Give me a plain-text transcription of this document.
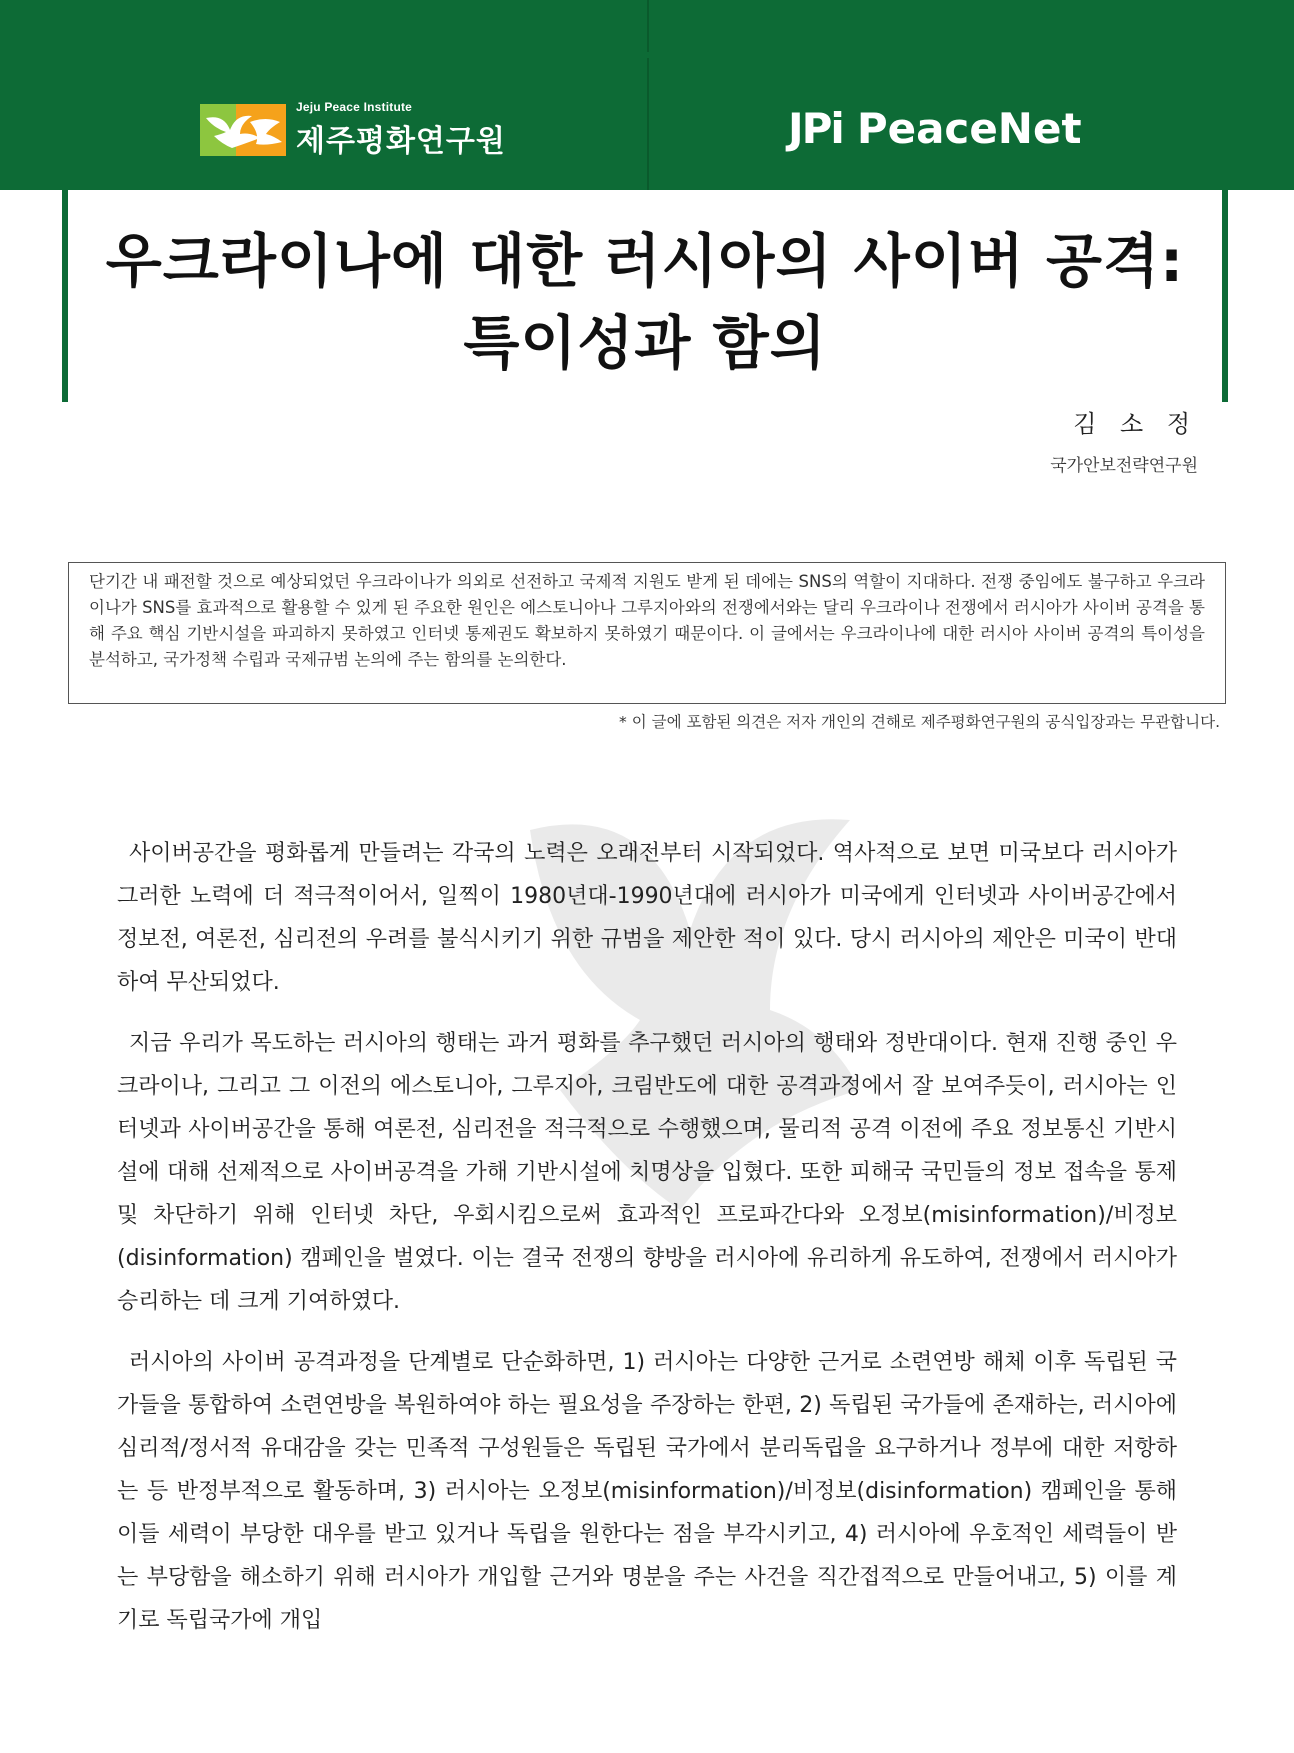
Jeju Peace Institute
제주평화연구원	JPi PeaceNet
우크라이나에 대한 러시아의 사이버 공격:
특이성과 함의
김 소 정
국가안보전략연구원
단기간 내 패전할 것으로 예상되었던 우크라이나가 의외로 선전하고 국제적 지원도 받게 된 데에는 SNS의 역할이 지대하다. 전쟁 중임에도 불구하고 우크라이나가 SNS를 효과적으로 활용할 수 있게 된 주요한 원인은 에스토니아나 그루지아와의 전쟁에서와는 달리 우크라이나 전쟁에서 러시아가 사이버 공격을 통해 주요 핵심 기반시설을 파괴하지 못하였고 인터넷 통제권도 확보하지 못하였기 때문이다. 이 글에서는 우크라이나에 대한 러시아 사이버 공격의 특이성을 분석하고, 국가정책 수립과 국제규범 논의에 주는 함의를 논의한다.
* 이 글에 포함된 의견은 저자 개인의 견해로 제주평화연구원의 공식입장과는 무관합니다.

사이버공간을 평화롭게 만들려는 각국의 노력은 오래전부터 시작되었다. 역사적으로 보면 미국보다 러시아가 그러한 노력에 더 적극적이어서, 일찍이 1980년대-1990년대에 러시아가 미국에게 인터넷과 사이버공간에서 정보전, 여론전, 심리전의 우려를 불식시키기 위한 규범을 제안한 적이 있다. 당시 러시아의 제안은 미국이 반대하여 무산되었다.

지금 우리가 목도하는 러시아의 행태는 과거 평화를 추구했던 러시아의 행태와 정반대이다. 현재 진행 중인 우크라이나, 그리고 그 이전의 에스토니아, 그루지아, 크림반도에 대한 공격과정에서 잘 보여주듯이, 러시아는 인터넷과 사이버공간을 통해 여론전, 심리전을 적극적으로 수행했으며, 물리적 공격 이전에 주요 정보통신 기반시설에 대해 선제적으로 사이버공격을 가해 기반시설에 치명상을 입혔다. 또한 피해국 국민들의 정보 접속을 통제 및 차단하기 위해 인터넷 차단, 우회시킴으로써 효과적인 프로파간다와 오정보(misinformation)/비정보(disinformation) 캠페인을 벌였다. 이는 결국 전쟁의 향방을 러시아에 유리하게 유도하여, 전쟁에서 러시아가 승리하는 데 크게 기여하였다.

러시아의 사이버 공격과정을 단계별로 단순화하면, 1) 러시아는 다양한 근거로 소련연방 해체 이후 독립된 국가들을 통합하여 소련연방을 복원하여야 하는 필요성을 주장하는 한편, 2) 독립된 국가들에 존재하는, 러시아에 심리적/정서적 유대감을 갖는 민족적 구성원들은 독립된 국가에서 분리독립을 요구하거나 정부에 대한 저항하는 등 반정부적으로 활동하며, 3) 러시아는 오정보(misinformation)/비정보(disinformation) 캠페인을 통해 이들 세력이 부당한 대우를 받고 있거나 독립을 원한다는 점을 부각시키고, 4) 러시아에 우호적인 세력들이 받는 부당함을 해소하기 위해 러시아가 개입할 근거와 명분을 주는 사건을 직간접적으로 만들어내고, 5) 이를 계기로 독립국가에 개입
